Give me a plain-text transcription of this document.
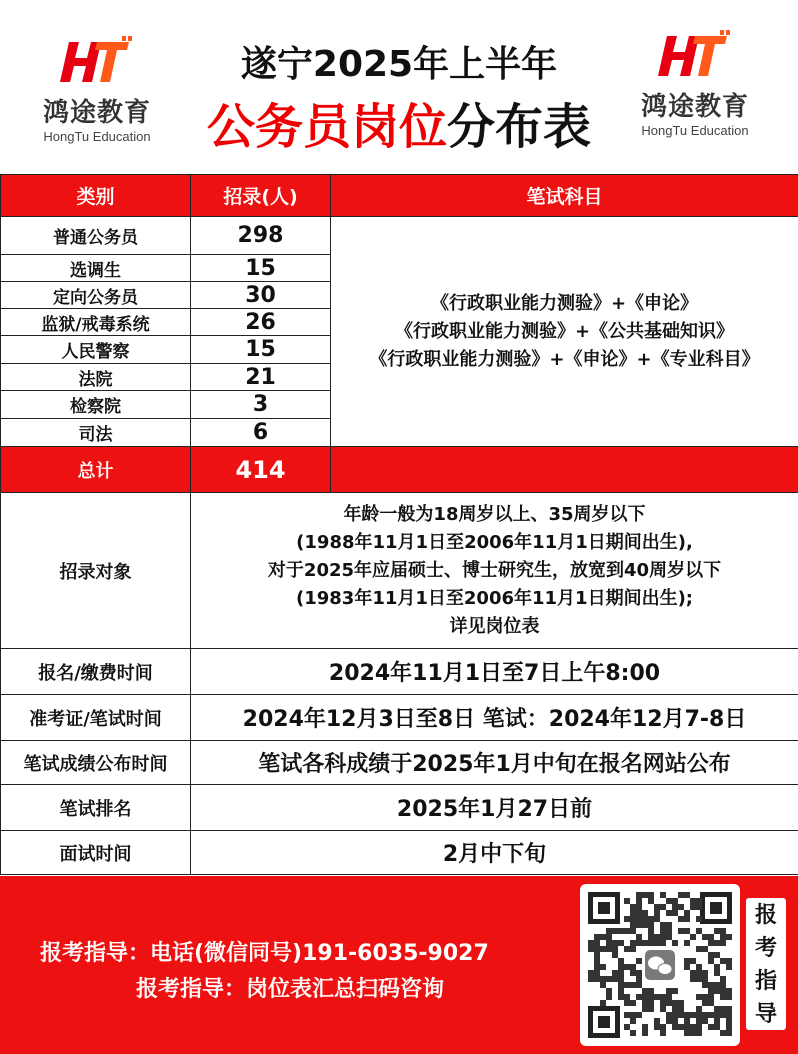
鸿途教育
HongTu Education
遂宁2025年上半年
公务员岗位分布表	鸿途教育
HongTu Education
类别	招录(人)	笔试科目
普通公务员	298	《行政职业能力测验》+《申论》
《行政职业能力测验》+《公共基础知识》
《行政职业能力测验》+《申论》+《专业科目》

选调生	15	
定向公务员	30	
监狱/戒毒系统	26	
人民警察	15	
法院	21	
检察院	3	
司法	6	
总计	414	
招录对象	年龄一般为18周岁以上、35周岁以下
(1988年11月1日至2006年11月1日期间出生),
对于2025年应届硕士、博士研究生，放宽到40周岁以下
(1983年11月1日至2006年11月1日期间出生);
详见岗位表	

报名/缴费时间	2024年11月1日至7日上午8:00	
准考证/笔试时间	2024年12月3日至8日 笔试：2024年12月7-8日	
笔试成绩公布时间	笔试各科成绩于2025年1月中旬在报名网站公布	
笔试排名	2025年1月27日前	
面试时间	2月中下旬	
报考指导：电话(微信同号)191-6035-9027
报考指导：岗位表汇总扫码咨询
报
考
指
导
